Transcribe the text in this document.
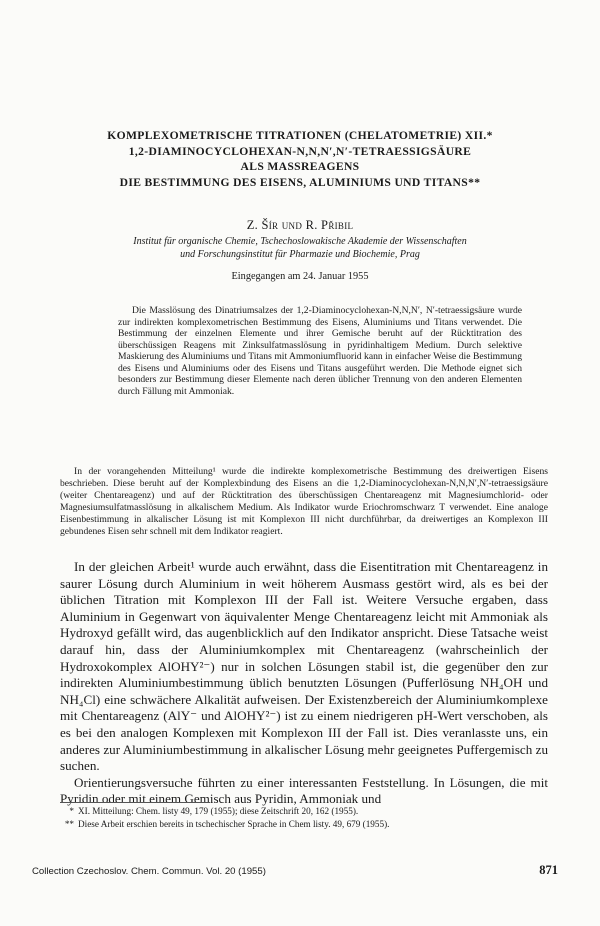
KOMPLEXOMETRISCHE TITRATIONEN (CHELATOMETRIE) XII.*
1,2-DIAMINOCYCLOHEXAN-N,N,N′,N′-TETRAESSIGSÄURE
ALS MASSREAGENS
DIE BESTIMMUNG DES EISENS, ALUMINIUMS UND TITANS**
Z. Šír und R. Přibil
Institut für organische Chemie, Tschechoslowakische Akademie der Wissenschaften
und Forschungsinstitut für Pharmazie und Biochemie, Prag
Eingegangen am 24. Januar 1955
Die Masslösung des Dinatriumsalzes der 1,2-Diaminocyclohexan-N,N,N′, N′-tetraessigsäure wurde zur indirekten komplexometrischen Bestimmung des Eisens, Aluminiums und Titans verwendet. Die Bestimmung der einzelnen Elemente und ihrer Gemische beruht auf der Rücktitration des überschüssigen Reagens mit Zinksulfatmasslösung in pyridinhaltigem Medium. Durch selektive Maskierung des Aluminiums und Titans mit Ammoniumfluorid kann in einfacher Weise die Bestimmung des Eisens und Aluminiums oder des Eisens und Titans ausgeführt werden. Die Methode eignet sich besonders zur Bestimmung dieser Elemente nach deren üblicher Trennung von den anderen Elementen durch Fällung mit Ammoniak.
In der vorangehenden Mitteilung¹ wurde die indirekte komplexometrische Bestimmung des dreiwertigen Eisens beschrieben. Diese beruht auf der Komplexbindung des Eisens an die 1,2-Diaminocyclohexan-N,N,N′,N′-tetraessigsäure (weiter Chentareagenz) und auf der Rücktitration des überschüssigen Chentareagenz mit Magnesiumchlorid- oder Magnesiumsulfatmasslösung in alkalischem Medium. Als Indikator wurde Eriochromschwarz T verwendet. Eine analoge Eisenbestimmung in alkalischer Lösung ist mit Komplexon III nicht durchführbar, da dreiwertiges an Komplexon III gebundenes Eisen sehr schnell mit dem Indikator reagiert.

In der gleichen Arbeit¹ wurde auch erwähnt, dass die Eisentitration mit Chentareagenz in saurer Lösung durch Aluminium in weit höherem Ausmass gestört wird, als es bei der üblichen Titration mit Komplexon III der Fall ist. Weitere Versuche ergaben, dass Aluminium in Gegenwart von äquivalenter Menge Chentareagenz leicht mit Ammoniak als Hydroxyd gefällt wird, das augenblicklich auf den Indikator anspricht. Diese Tatsache weist darauf hin, dass der Aluminiumkomplex mit Chentareagenz (wahrscheinlich der Hydroxokomplex AlOHY²⁻) nur in solchen Lösungen stabil ist, die gegenüber den zur indirekten Aluminiumbestimmung üblich benutzten Lösungen (Pufferlösung NH₄OH und NH₄Cl) eine schwächere Alkalität aufweisen. Der Existenzbereich der Aluminiumkomplexe mit Chentareagenz (AlY⁻ und AlOHY²⁻) ist zu einem niedrigeren pH-Wert verschoben, als es bei den analogen Komplexen mit Komplexon III der Fall ist. Dies veranlasste uns, ein anderes zur Aluminiumbestimmung in alkalischer Lösung mehr geeignetes Puffergemisch zu suchen.

Orientierungsversuche führten zu einer interessanten Feststellung. In Lösungen, die mit Pyridin oder mit einem Gemisch aus Pyridin, Ammoniak und

* XI. Mitteilung: Chem. listy 49, 179 (1955); diese Zeitschrift 20, 162 (1955).
** Diese Arbeit erschien bereits in tschechischer Sprache in Chem listy. 49, 679 (1955).
Collection Czechoslov. Chem. Commun. Vol. 20 (1955)	871
